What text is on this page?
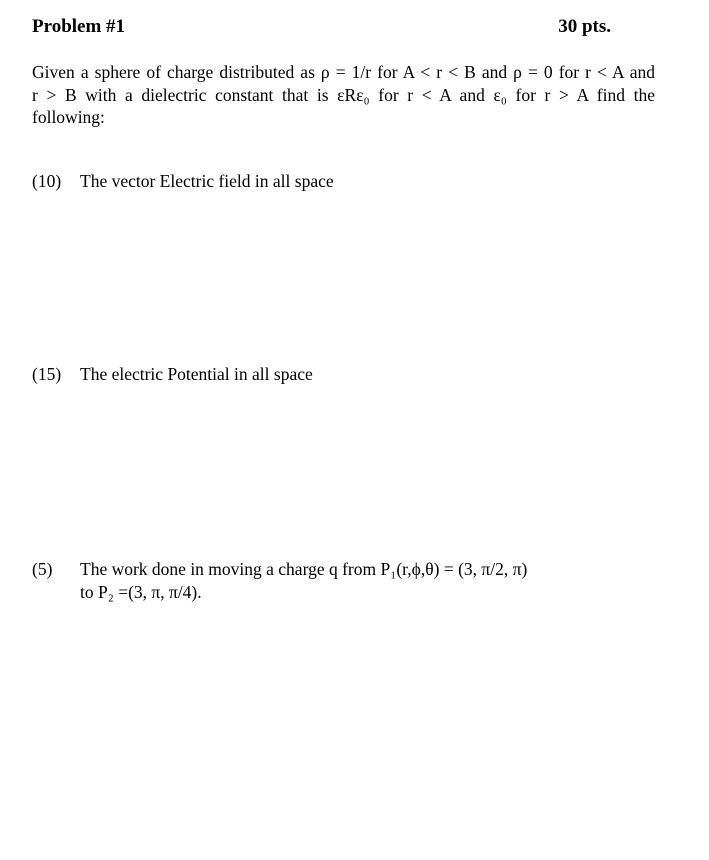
Problem #1	30 pts.
Given a sphere of charge distributed as ρ = 1/r for A < r < B and ρ = 0 for r < A and
r > B with a dielectric constant that is εRε₀ for r < A and ε₀ for r > A find the
following:
(10) The vector Electric field in all space
(15) The electric Potential in all space
(5) The work done in moving a charge q from P₁(r,ϕ,θ) = (3, π/2, π)
to P₂ =(3, π, π/4).
